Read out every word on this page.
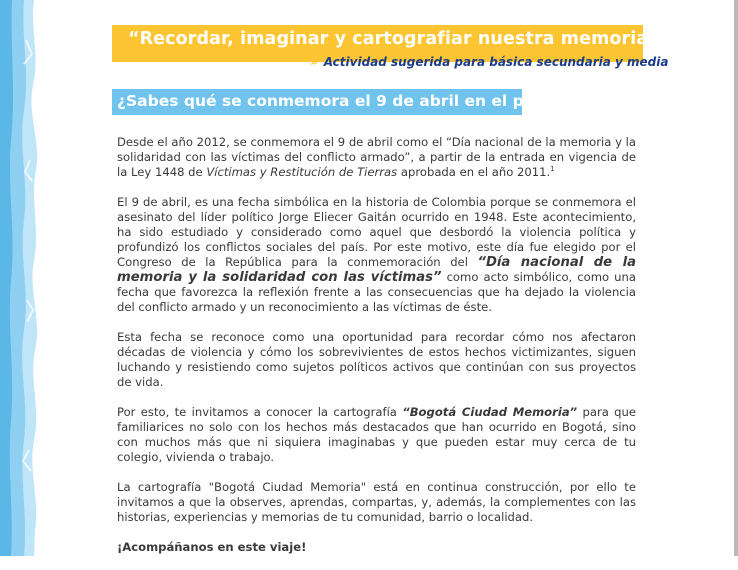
“Recordar, imaginar y cartografiar nuestra memoria”
» Actividad sugerida para básica secundaria y media
¿Sabes qué se conmemora el 9 de abril en el país?

Desde el año 2012, se conmemora el 9 de abril como el “Día nacional de la memoria y la solidaridad con las víctimas del conflicto armado”, a partir de la entrada en vigencia de la Ley 1448 de Víctimas y Restitución de Tierras aprobada en el año 2011.$^1$

El 9 de abril, es una fecha simbólica en la historia de Colombia porque se conmemora el asesinato del líder político Jorge Eliecer Gaitán ocurrido en 1948. Este acontecimiento, ha sido estudiado y considerado como aquel que desbordó la violencia política y profundizó los conflictos sociales del país. Por este motivo, este día fue elegido por el Congreso de la República para la conmemoración del “Día nacional de la memoria y la solidaridad con las víctimas” como acto simbólico, como una fecha que favorezca la reflexión frente a las consecuencias que ha dejado la violencia del conflicto armado y un reconocimiento a las víctimas de éste.

Esta fecha se reconoce como una oportunidad para recordar cómo nos afectaron décadas de violencia y cómo los sobrevivientes de estos hechos victimizantes, siguen luchando y resistiendo como sujetos políticos activos que continúan con sus proyectos de vida.

Por esto, te invitamos a conocer la cartografía “Bogotá Ciudad Memoria” para que familiarices no solo con los hechos más destacados que han ocurrido en Bogotá, sino con muchos más que ni siquiera imaginabas y que pueden estar muy cerca de tu colegio, vivienda o trabajo.

La cartografía "Bogotá Ciudad Memoria" está en continua construcción, por ello te invitamos a que la observes, aprendas, compartas, y, además, la complementes con las historias, experiencias y memorias de tu comunidad, barrio o localidad.

¡Acompáñanos en este viaje!
